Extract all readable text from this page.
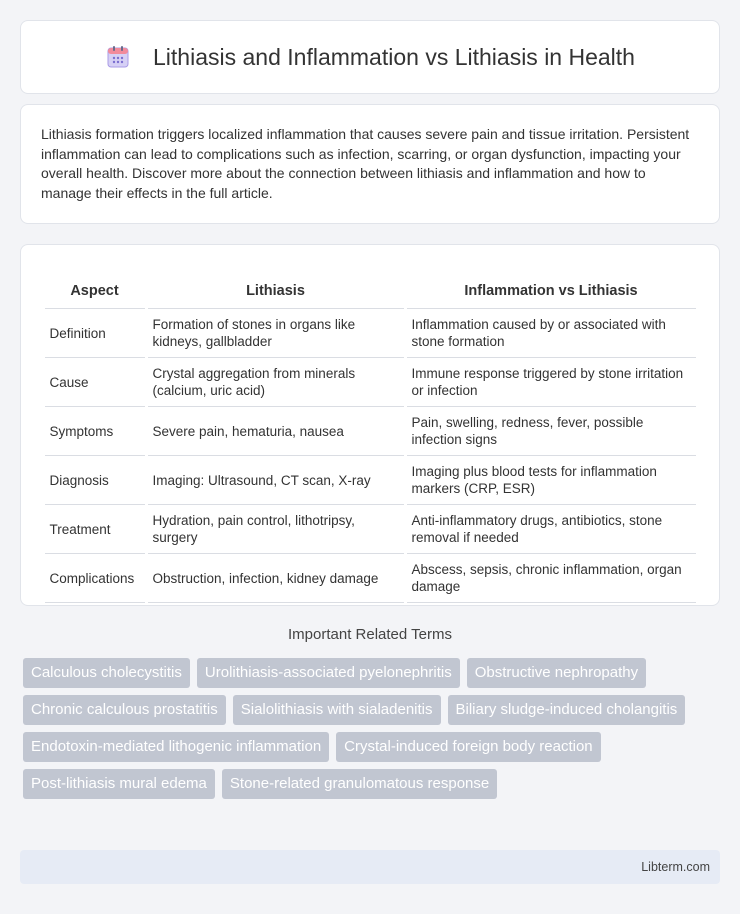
Lithiasis and Inflammation vs Lithiasis in Health

Lithiasis formation triggers localized inflammation that causes severe pain and tissue irritation. Persistent inflammation can lead to complications such as infection, scarring, or organ dysfunction, impacting your overall health. Discover more about the connection between lithiasis and inflammation and how to manage their effects in the full article.

Aspect	Lithiasis	Inflammation vs Lithiasis
Definition	Formation of stones in organs like kidneys, gallbladder	Inflammation caused by or associated with stone formation
Cause	Crystal aggregation from minerals (calcium, uric acid)	Immune response triggered by stone irritation or infection
Symptoms	Severe pain, hematuria, nausea	Pain, swelling, redness, fever, possible infection signs
Diagnosis	Imaging: Ultrasound, CT scan, X-ray	Imaging plus blood tests for inflammation markers (CRP, ESR)
Treatment	Hydration, pain control, lithotripsy, surgery	Anti-inflammatory drugs, antibiotics, stone removal if needed
Complications	Obstruction, infection, kidney damage	Abscess, sepsis, chronic inflammation, organ damage
Important Related Terms
Calculous cholecystitis	Urolithiasis-associated pyelonephritis	Obstructive nephropathy
Chronic calculous prostatitis	Sialolithiasis with sialadenitis	Biliary sludge-induced cholangitis
Endotoxin-mediated lithogenic inflammation	Crystal-induced foreign body reaction
Post-lithiasis mural edema	Stone-related granulomatous response
Libterm.com
